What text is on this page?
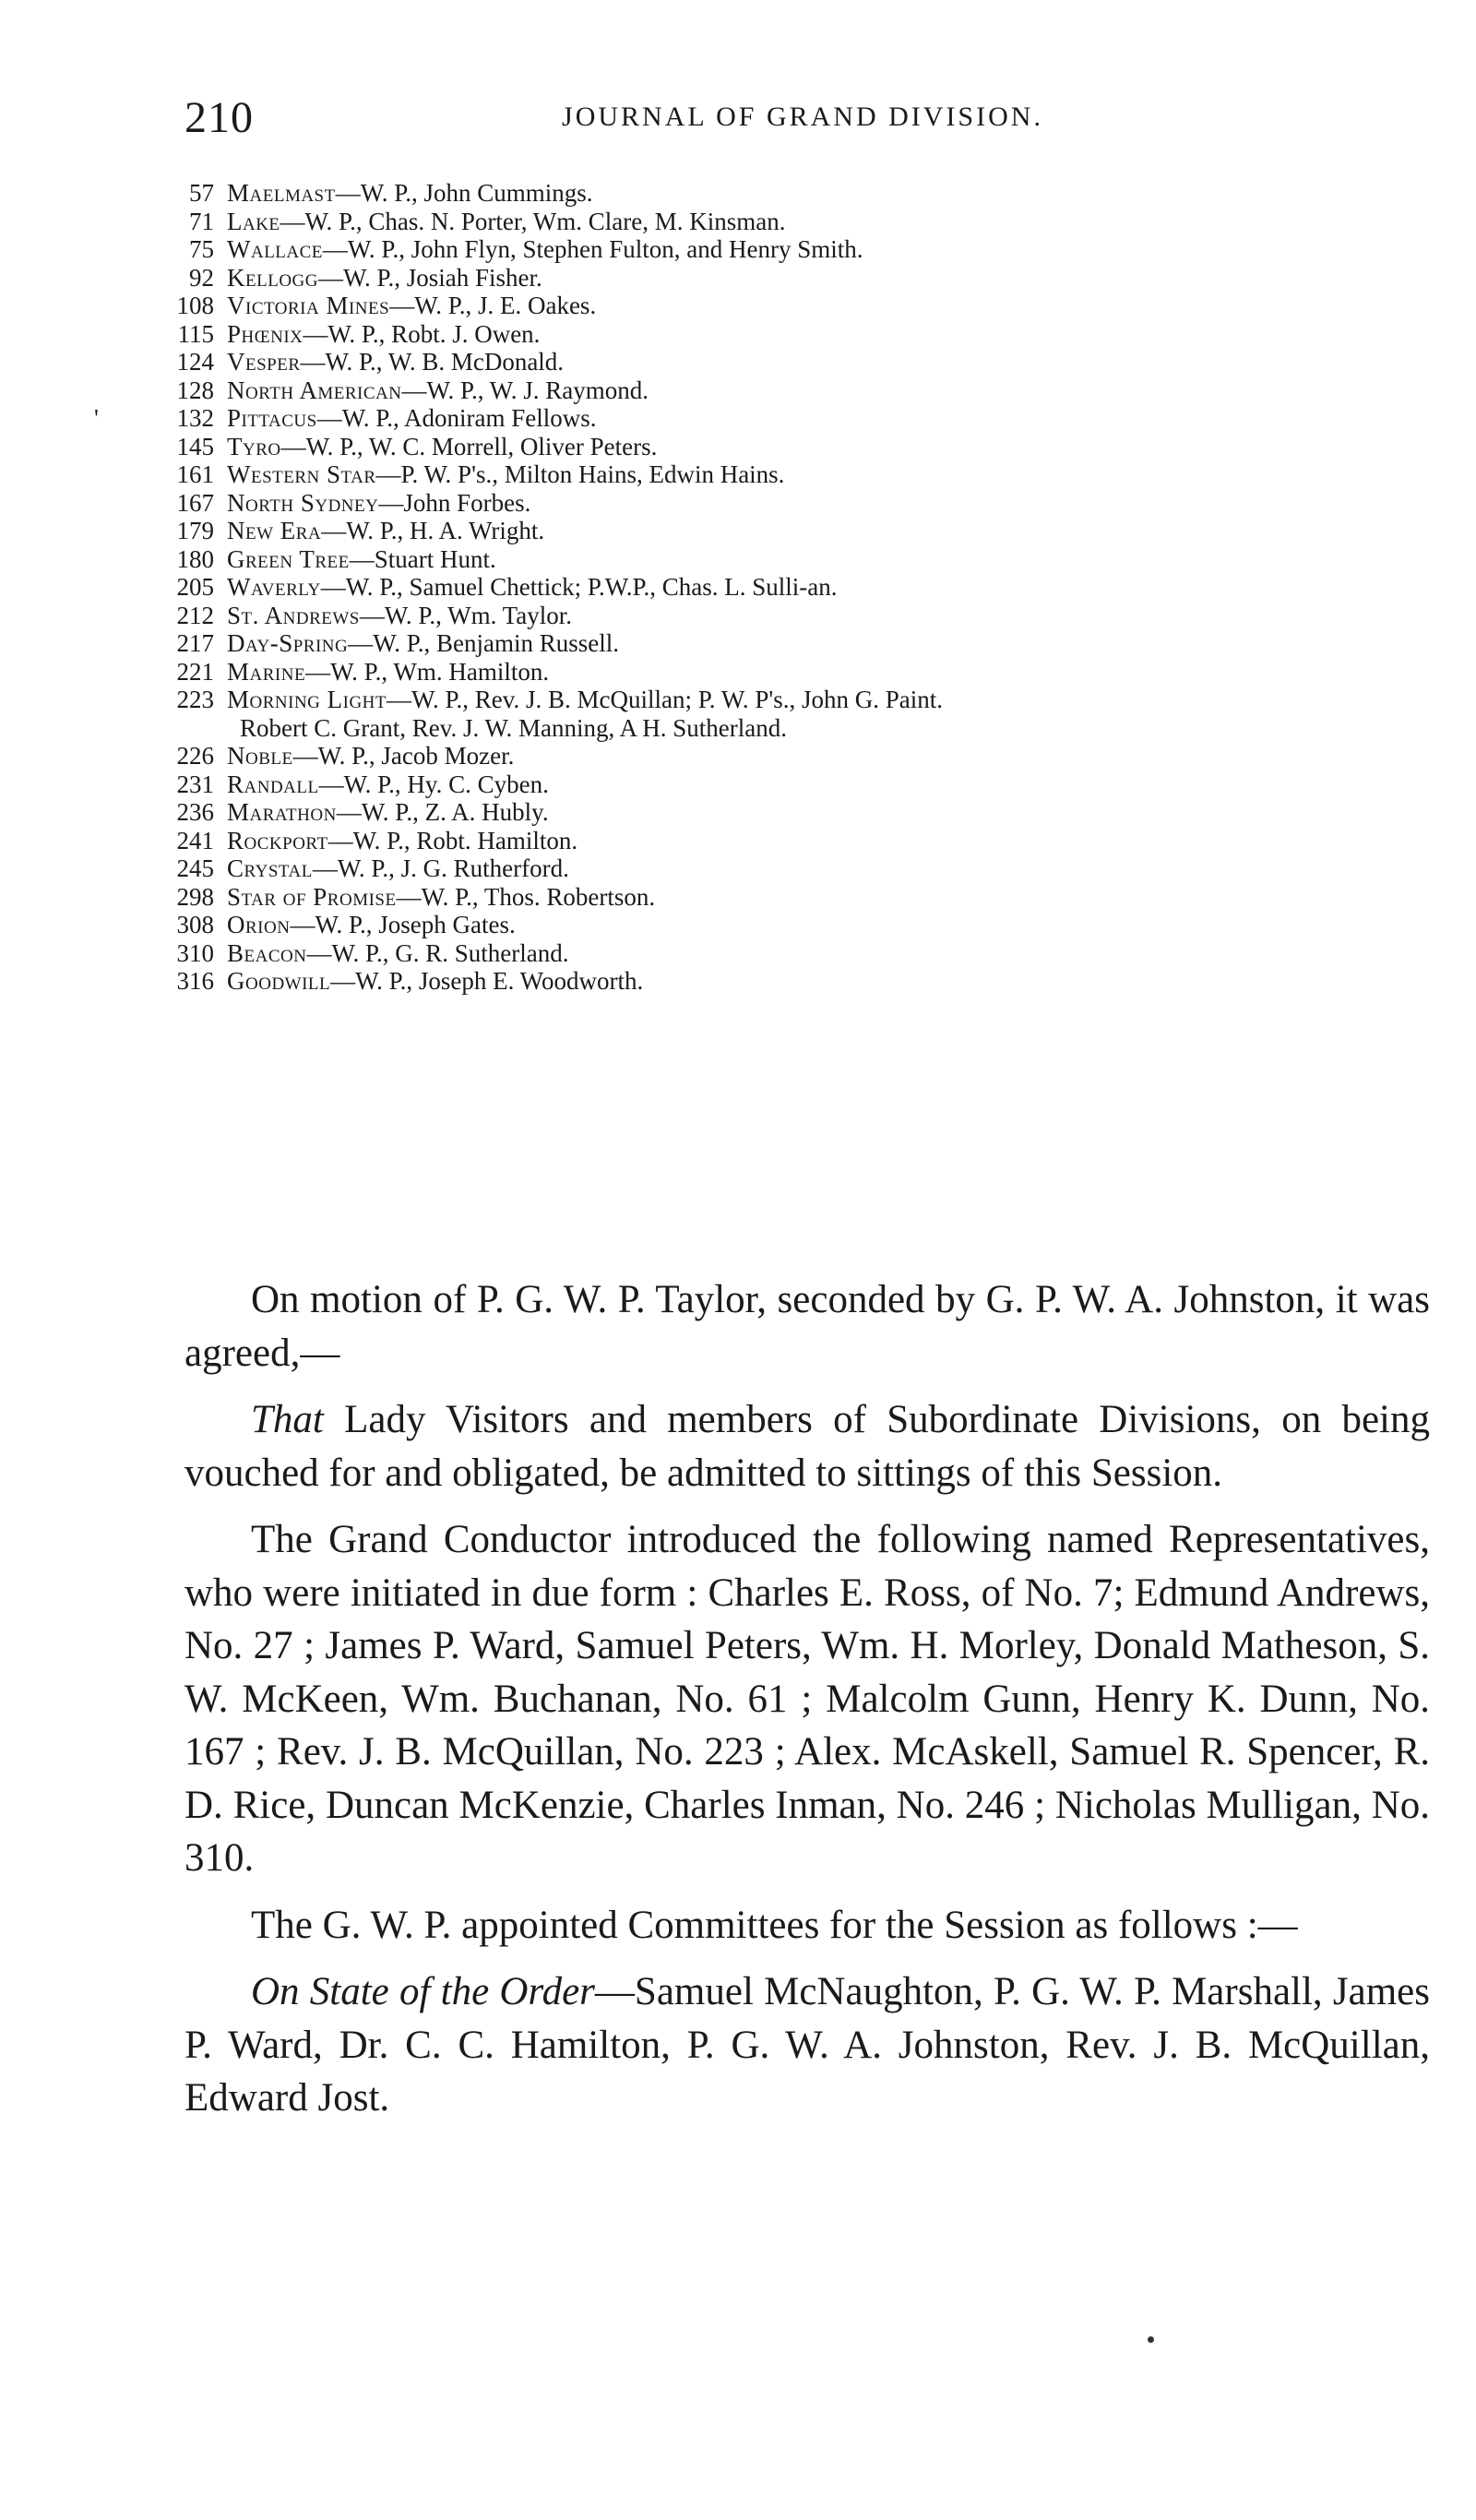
210	JOURNAL OF GRAND DIVISION.
57 Maelmast—W. P., John Cummings.
71 Lake—W. P., Chas. N. Porter, Wm. Clare, M. Kinsman.
75 Wallace—W. P., John Flyn, Stephen Fulton, and Henry Smith.
92 Kellogg—W. P., Josiah Fisher.
108 Victoria Mines—W. P., J. E. Oakes.
115 Phœnix—W. P., Robt. J. Owen.
124 Vesper—W. P., W. B. McDonald.
128 North American—W. P., W. J. Raymond.
'	132 Pittacus—W. P., Adoniram Fellows.
145 Tyro—W. P., W. C. Morrell, Oliver Peters.
161 Western Star—P. W. P's., Milton Hains, Edwin Hains.
167 North Sydney—John Forbes.
179 New Era—W. P., H. A. Wright.
180 Green Tree—Stuart Hunt.
205 Waverly—W. P., Samuel Chettick; P.W.P., Chas. L. Sulli-an.
212 St. Andrews—W. P., Wm. Taylor.
217 Day-Spring—W. P., Benjamin Russell.
221 Marine—W. P., Wm. Hamilton.
223 Morning Light—W. P., Rev. J. B. McQuillan; P. W. P's., John G. Paint.
Robert C. Grant, Rev. J. W. Manning, A H. Sutherland.
226 Noble—W. P., Jacob Mozer.
231 Randall—W. P., Hy. C. Cyben.
236 Marathon—W. P., Z. A. Hubly.
241 Rockport—W. P., Robt. Hamilton.
245 Crystal—W. P., J. G. Rutherford.
298 Star of Promise—W. P., Thos. Robertson.
308 Orion—W. P., Joseph Gates.
310 Beacon—W. P., G. R. Sutherland.
316 Goodwill—W. P., Joseph E. Woodworth.

On motion of P. G. W. P. Taylor, seconded by G. P. W. A. Johnston, it was agreed,—

That Lady Visitors and members of Subordinate Divisions, on being vouched for and obligated, be admitted to sittings of this Session.

The Grand Conductor introduced the following named Representatives, who were initiated in due form : Charles E. Ross, of No. 7; Edmund Andrews, No. 27 ; James P. Ward, Samuel Peters, Wm. H. Morley, Donald Matheson, S. W. McKeen, Wm. Buchanan, No. 61 ; Malcolm Gunn, Henry K. Dunn, No. 167 ; Rev. J. B. McQuillan, No. 223 ; Alex. McAskell, Samuel R. Spencer, R. D. Rice, Duncan McKenzie, Charles Inman, No. 246 ; Nicholas Mulligan, No. 310.

The G. W. P. appointed Committees for the Session as follows :—

On State of the Order—Samuel McNaughton, P. G. W. P. Marshall, James P. Ward, Dr. C. C. Hamilton, P. G. W. A. Johnston, Rev. J. B. McQuillan, Edward Jost.
